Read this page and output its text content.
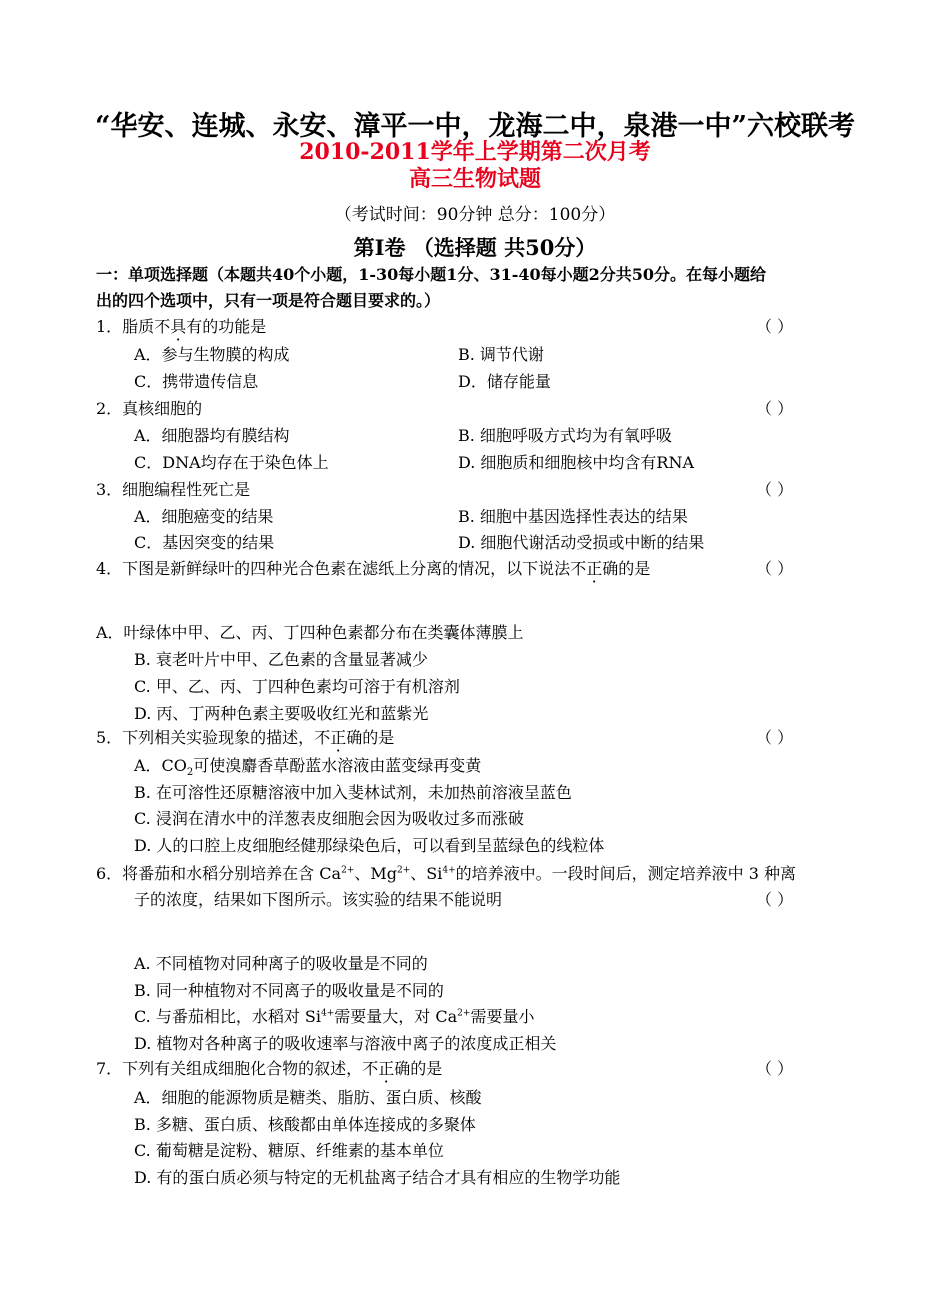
“华安、连城、永安、漳平一中，龙海二中，泉港一中”六校联考
2010-2011学年上学期第二次月考
高三生物试题
（考试时间：90分钟 总分：100分）
第Ⅰ卷 （选择题 共50分）
一：单项选择题（本题共40个小题，1-30每小题1分、31-40每小题2分共50分。在每小题给
出的四个选项中，只有一项是符合题目要求的。）
1．脂质不具有的功能是	（ ）
A．参与生物膜的构成	B. 调节代谢
C．携带遗传信息	D．储存能量
2．真核细胞的	（ ）
A．细胞器均有膜结构	B. 细胞呼吸方式均为有氧呼吸
C．DNA均存在于染色体上	D. 细胞质和细胞核中均含有RNA
3．细胞编程性死亡是	（ ）
A．细胞癌变的结果	B. 细胞中基因选择性表达的结果
C．基因突变的结果	D. 细胞代谢活动受损或中断的结果
4．下图是新鲜绿叶的四种光合色素在滤纸上分离的情况，以下说法不正确的是	（ ）
A．叶绿体中甲、乙、丙、丁四种色素都分布在类囊体薄膜上
B. 衰老叶片中甲、乙色素的含量显著减少
C. 甲、乙、丙、丁四种色素均可溶于有机溶剂
D. 丙、丁两种色素主要吸收红光和蓝紫光
5．下列相关实验现象的描述，不正确的是	（ ）
A．$CO_2$可使溴麝香草酚蓝水溶液由蓝变绿再变黄
B. 在可溶性还原糖溶液中加入斐林试剂，未加热前溶液呈蓝色
C. 浸润在清水中的洋葱表皮细胞会因为吸收过多而涨破
D. 人的口腔上皮细胞经健那绿染色后，可以看到呈蓝绿色的线粒体
6．将番茄和水稻分别培养在含 $Ca^{2+}$、$Mg^{2+}$、$Si^{4+}$的培养液中。一段时间后，测定培养液中 3 种离
子的浓度，结果如下图所示。该实验的结果不能说明	（ ）
A. 不同植物对同种离子的吸收量是不同的
B. 同一种植物对不同离子的吸收量是不同的
C. 与番茄相比，水稻对 $Si^{4+}$需要量大，对 $Ca^{2+}$需要量小
D. 植物对各种离子的吸收速率与溶液中离子的浓度成正相关
7．下列有关组成细胞化合物的叙述，不正确的是	（ ）
A．细胞的能源物质是糖类、脂肪、蛋白质、核酸
B. 多糖、蛋白质、核酸都由单体连接成的多聚体
C. 葡萄糖是淀粉、糖原、纤维素的基本单位
D. 有的蛋白质必须与特定的无机盐离子结合才具有相应的生物学功能
